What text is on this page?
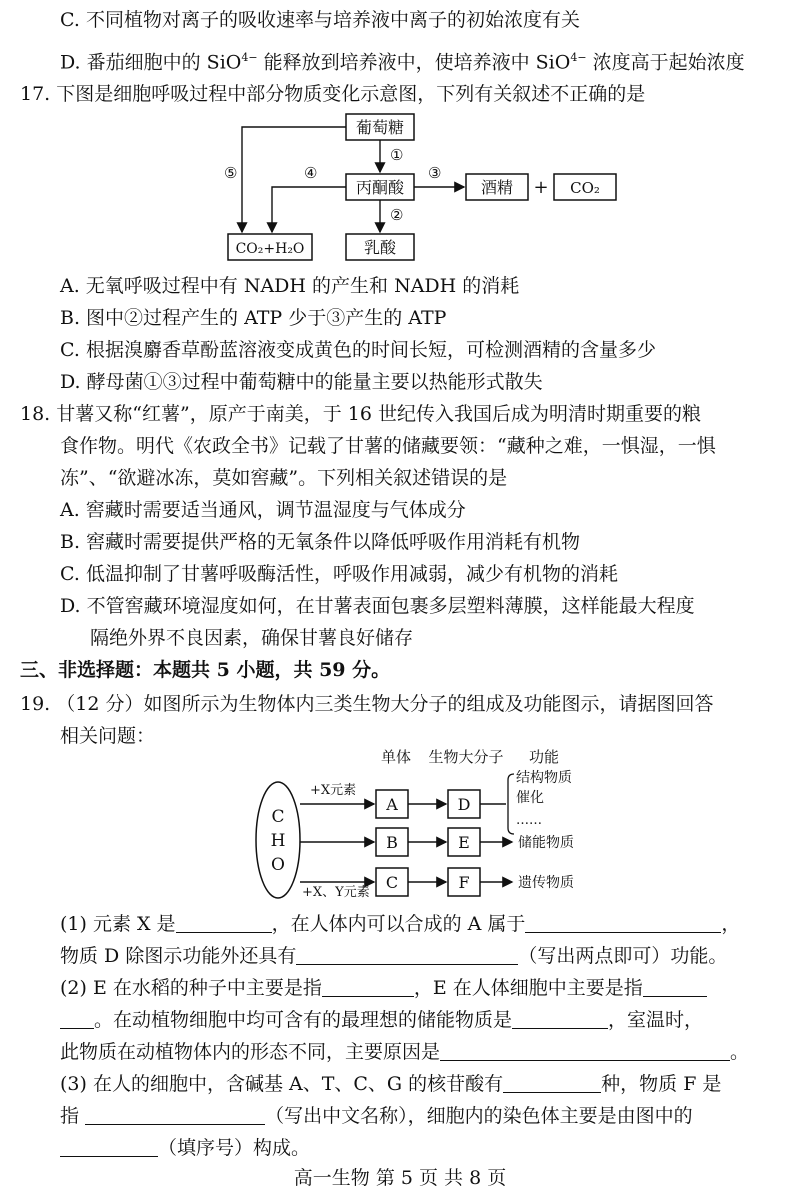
C. 不同植物对离子的吸收速率与培养液中离子的初始浓度有关
D. 番茄细胞中的 SiO$^{4-}$ 能释放到培养液中，使培养液中 SiO$^{4-}$ 浓度高于起始浓度
17. 下图是细胞呼吸过程中部分物质变化示意图，下列有关叙述不正确的是
葡萄糖
①
丙酮酸
③
酒精 + CO₂
②
乳酸
④
CO₂+H₂O
⑤
A. 无氧呼吸过程中有 NADH 的产生和 NADH 的消耗
B. 图中②过程产生的 ATP 少于③产生的 ATP
C. 根据溴麝香草酚蓝溶液变成黄色的时间长短，可检测酒精的含量多少
D. 酵母菌①③过程中葡萄糖中的能量主要以热能形式散失
18. 甘薯又称“红薯”，原产于南美，于 16 世纪传入我国后成为明清时期重要的粮
食作物。明代《农政全书》记载了甘薯的储藏要领：“藏种之难，一惧湿，一惧
冻”、“欲避冰冻，莫如窖藏”。下列相关叙述错误的是
A. 窖藏时需要适当通风，调节温湿度与气体成分
B. 窖藏时需要提供严格的无氧条件以降低呼吸作用消耗有机物
C. 低温抑制了甘薯呼吸酶活性，呼吸作用减弱，减少有机物的消耗
D. 不管窖藏环境湿度如何，在甘薯表面包裹多层塑料薄膜，这样能最大程度
隔绝外界不良因素，确保甘薯良好储存
三、非选择题：本题共 5 小题，共 59 分。
19. （12 分）如图所示为生物体内三类生物大分子的组成及功能图示，请据图回答
相关问题：
单体 生物大分子 功能
C
H
O
+X元素
A	D
结构物质
催化
……
B	E	储能物质
+X、Y元素
C	F	遗传物质
(1) 元素 X 是	，在人体内可以合成的 A 属于	，
物质 D 除图示功能外还具有	（写出两点即可）功能。
(2) E 在水稻的种子中主要是指	，E 在人体细胞中主要是指
。在动植物细胞中均可含有的最理想的储能物质是	，室温时，
此物质在动植物体内的形态不同，主要原因是	。
(3) 在人的细胞中，含碱基 A、T、C、G 的核苷酸有	种，物质 F 是
指	（写出中文名称），细胞内的染色体主要是由图中的
（填序号）构成。
高一生物 第 5 页 共 8 页
